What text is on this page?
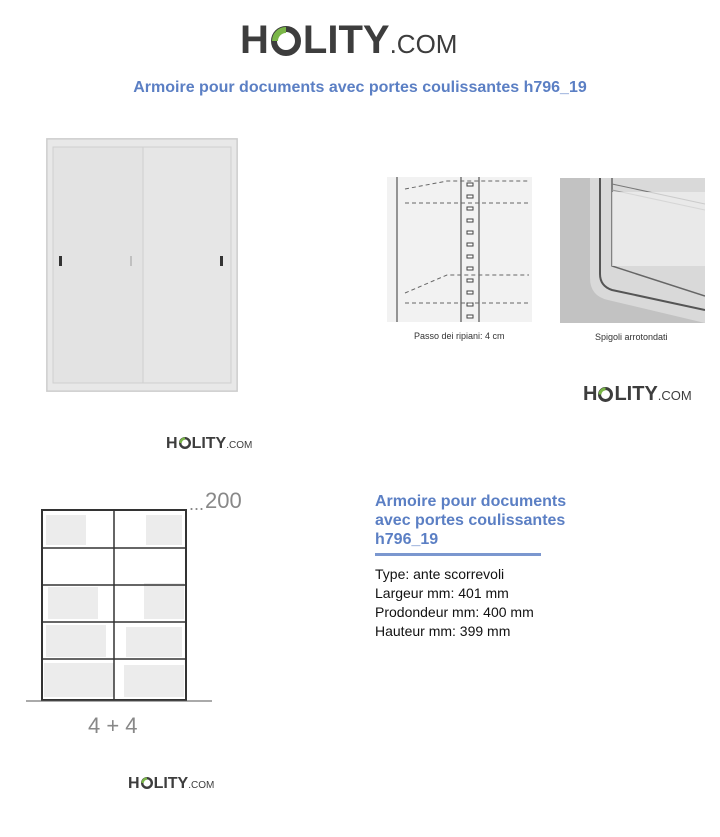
H LITY .COM
Armoire pour documents avec portes coulissantes h796_19
Passo dei ripiani: 4 cm	Spigoli arrotondati
H LITY .COM
H LITY .COM
... 200
4 + 4
Armoire pour documents avec portes coulissantes h796_19
Type: ante scorrevoli
Largeur mm: 401 mm
Prodondeur mm: 400 mm
Hauteur mm: 399 mm
H LITY .COM
